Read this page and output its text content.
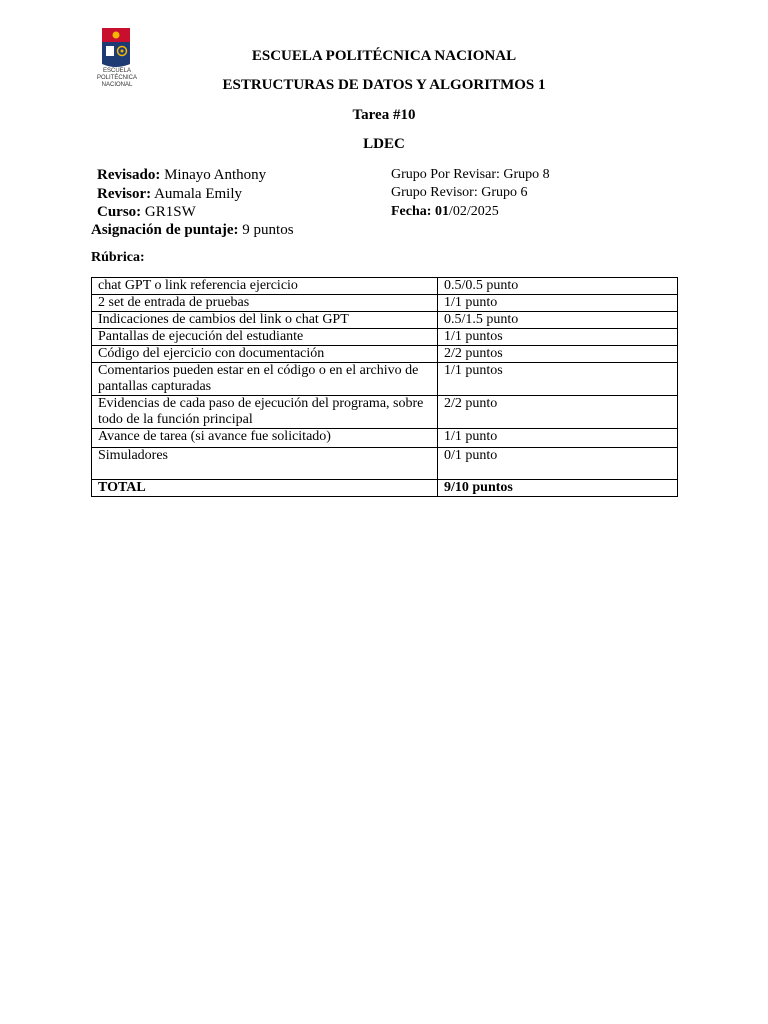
ESCUELA
POLITÉCNICA
NACIONAL
ESCUELA POLITÉCNICA NACIONAL
ESTRUCTURAS DE DATOS Y ALGORITMOS 1
Tarea #10
LDEC
Revisado: Minayo Anthony
Revisor: Aumala Emily
Curso: GR1SW
Asignación de puntaje: 9 puntos
Grupo Por Revisar: Grupo 8
Grupo Revisor: Grupo 6
Fecha: 01/02/2025
Rúbrica:
chat GPT o link referencia ejercicio	0.5/0.5 punto
2 set de entrada de pruebas	1/1 punto
Indicaciones de cambios del link o chat GPT	0.5/1.5 punto
Pantallas de ejecución del estudiante	1/1 puntos
Código del ejercicio con documentación	2/2 puntos
Comentarios pueden estar en el código o en el archivo de pantallas capturadas	1/1 puntos
Evidencias de cada paso de ejecución del programa, sobre todo de la función principal	2/2 punto
Avance de tarea (si avance fue solicitado)	1/1 punto
Simuladores	0/1 punto
TOTAL	9/10 puntos
